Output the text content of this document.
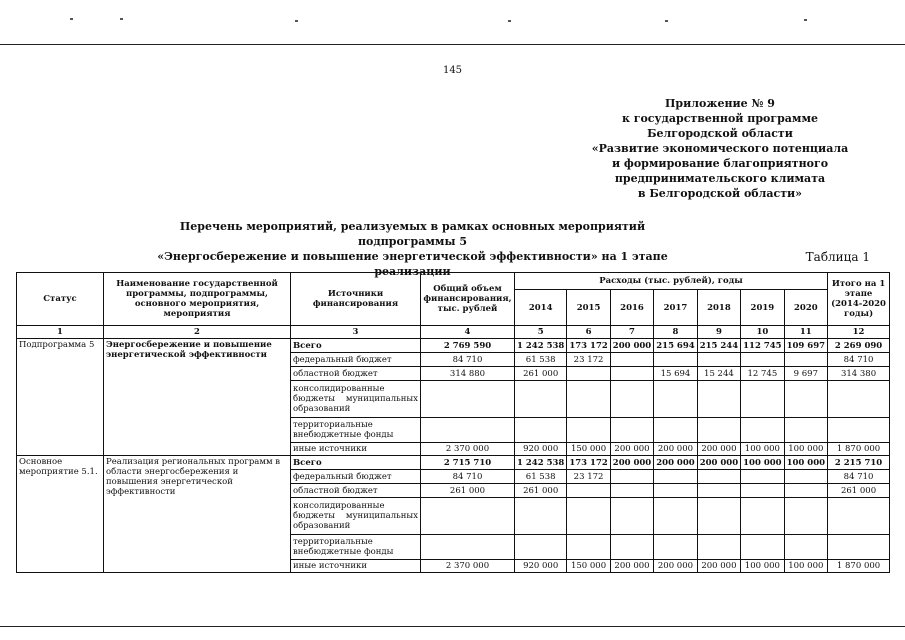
145
Приложение № 9
к государственной программе
Белгородской области
«Развитие экономического потенциала
и формирование благоприятного
предпринимательского климата
в Белгородской области»
Перечень мероприятий, реализуемых в рамках основных мероприятий подпрограммы 5
«Энергосбережение и повышение энергетической эффективности» на 1 этапе реализации
Таблица 1
Статус	Наименование государственной программы, подпрограммы, основного мероприятия, мероприятия	Источники финансирования	Общий объем финансирования, тыс. рублей	Расходы (тыс. рублей), годы							Итого на 1 этапе (2014-2020 годы)
				2014	2015	2016	2017	2018	2019	2020	
1	2	3	4	5	6	7	8	9	10	11	12
Подпрограмма 5	Энергосбережение и повышение энергетической эффективности	Всего	2 769 590	1 242 538	173 172	200 000	215 694	215 244	112 745	109 697	2 269 090
		федеральный бюджет	84 710	61 538	23 172						84 710
		областной бюджет	314 880	261 000			15 694	15 244	12 745	9 697	314 380
		консолидированные бюджеты муниципальных образований									
		территориальные внебюджетные фонды									
		иные источники	2 370 000	920 000	150 000	200 000	200 000	200 000	100 000	100 000	1 870 000
Основное мероприятие 5.1.	Реализация региональных программ в области энергосбережения и повышения энергетической эффективности	Всего	2 715 710	1 242 538	173 172	200 000	200 000	200 000	100 000	100 000	2 215 710
		федеральный бюджет	84 710	61 538	23 172						84 710
		областной бюджет	261 000	261 000							261 000
		консолидированные бюджеты муниципальных образований									
		территориальные внебюджетные фонды									
		иные источники	2 370 000	920 000	150 000	200 000	200 000	200 000	100 000	100 000	1 870 000
